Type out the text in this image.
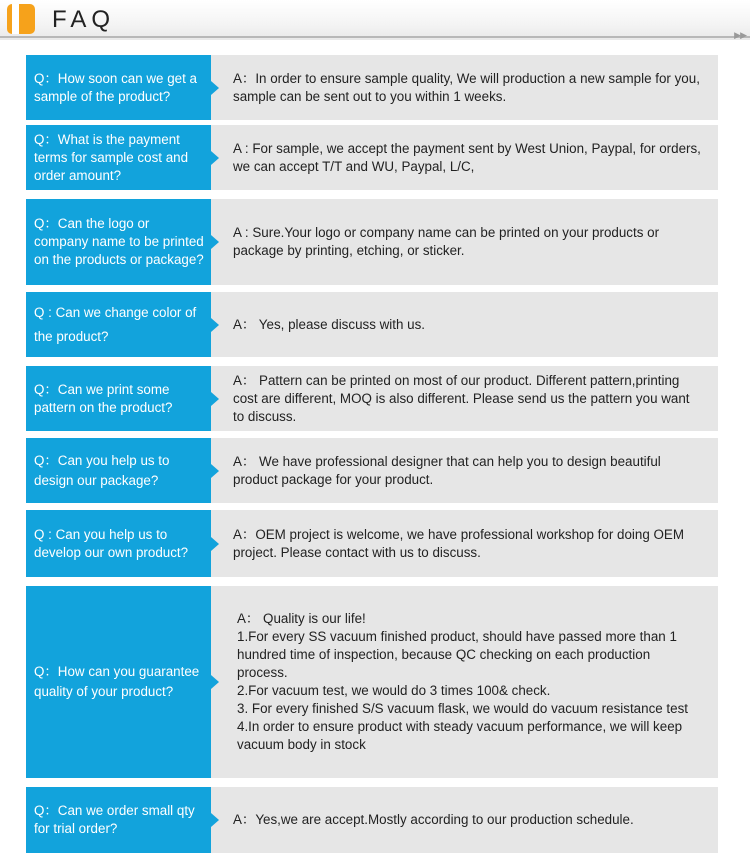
FAQ
▶▶
Q：How soon can we get a sample of the product?
A：In order to ensure sample quality, We will production a new sample for you, sample can be sent out to you within 1 weeks.
Q：What is the payment terms for sample cost and order amount?
A : For sample, we accept the payment sent by West Union, Paypal, for orders, we can accept T/T and WU, Paypal, L/C,
Q：Can the logo or company name to be printed on the products or package?
A : Sure.Your logo or company name can be printed on your products or package by printing, etching, or sticker.
Q : Can we change color of the product?
A： Yes, please discuss with us.
Q：Can we print some pattern on the product?
A： Pattern can be printed on most of our product. Different pattern,printing cost are different, MOQ is also different. Please send us the pattern you want to discuss.
Q：Can you help us to design our package?
A： We have professional designer that can help you to design beautiful product package for your product.
Q : Can you help us to develop our own product?
A：OEM project is welcome, we have professional workshop for doing OEM project. Please contact with us to discuss.
Q：How can you guarantee quality of your product?
A： Quality is our life!
1.For every SS vacuum finished product, should have passed more than 1 hundred time of inspection, because QC checking on each production process.
2.For vacuum test, we would do 3 times 100& check.
3. For every finished S/S vacuum flask, we would do vacuum resistance test
4.In order to ensure product with steady vacuum performance, we will keep vacuum body in stock
Q：Can we order small qty for trial order?
A：Yes,we are accept.Mostly according to our production schedule.
